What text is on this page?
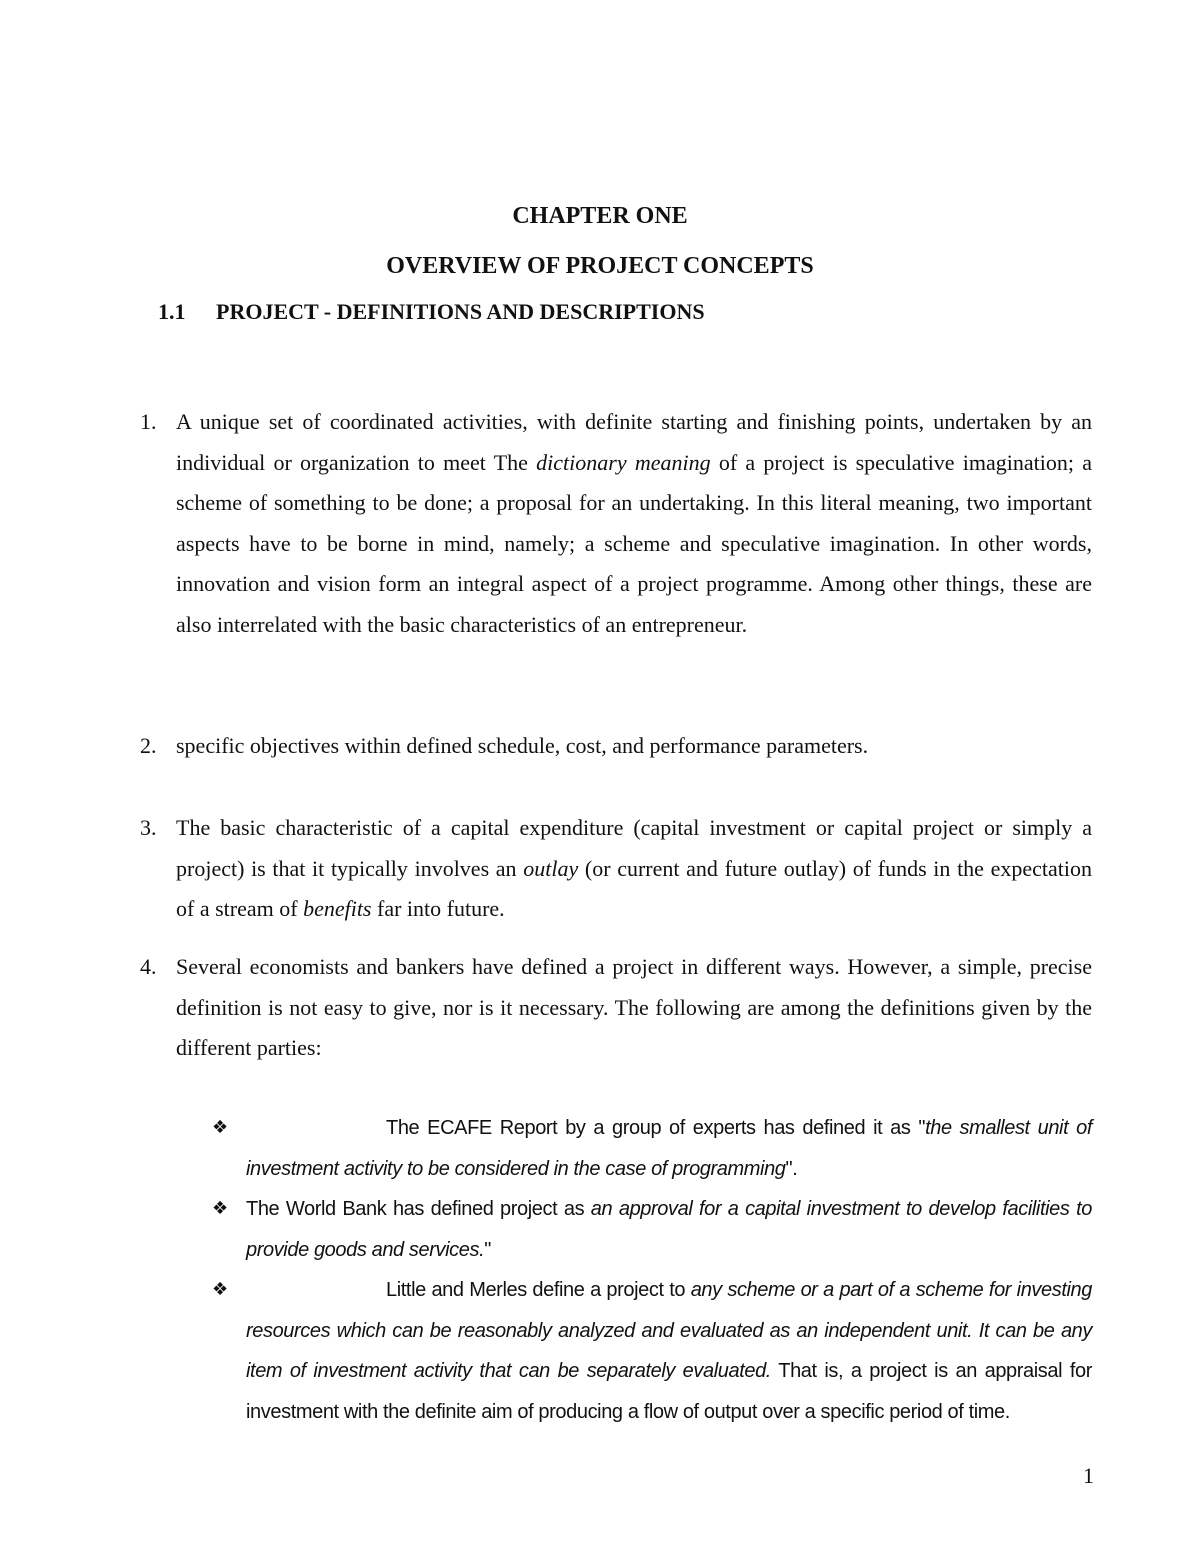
CHAPTER ONE
OVERVIEW OF PROJECT CONCEPTS
1.1 PROJECT - DEFINITIONS AND DESCRIPTIONS
1. A unique set of coordinated activities, with definite starting and finishing points, undertaken by an individual or organization to meet The dictionary meaning of a project is speculative imagination; a scheme of something to be done; a proposal for an undertaking. In this literal meaning, two important aspects have to be borne in mind, namely; a scheme and speculative imagination. In other words, innovation and vision form an integral aspect of a project programme. Among other things, these are also interrelated with the basic characteristics of an entrepreneur.
2. specific objectives within defined schedule, cost, and performance parameters.
3. The basic characteristic of a capital expenditure (capital investment or capital project or simply a project) is that it typically involves an outlay (or current and future outlay) of funds in the expectation of a stream of benefits far into future.
4. Several economists and bankers have defined a project in different ways. However, a simple, precise definition is not easy to give, nor is it necessary. The following are among the definitions given by the different parties:
❖	The ECAFE Report by a group of experts has defined it as "the smallest unit of investment activity to be considered in the case of programming".
❖ The World Bank has defined project as an approval for a capital investment to develop facilities to provide goods and services."
❖	Little and Merles define a project to any scheme or a part of a scheme for investing resources which can be reasonably analyzed and evaluated as an independent unit. It can be any item of investment activity that can be separately evaluated. That is, a project is an appraisal for investment with the definite aim of producing a flow of output over a specific period of time.
1
